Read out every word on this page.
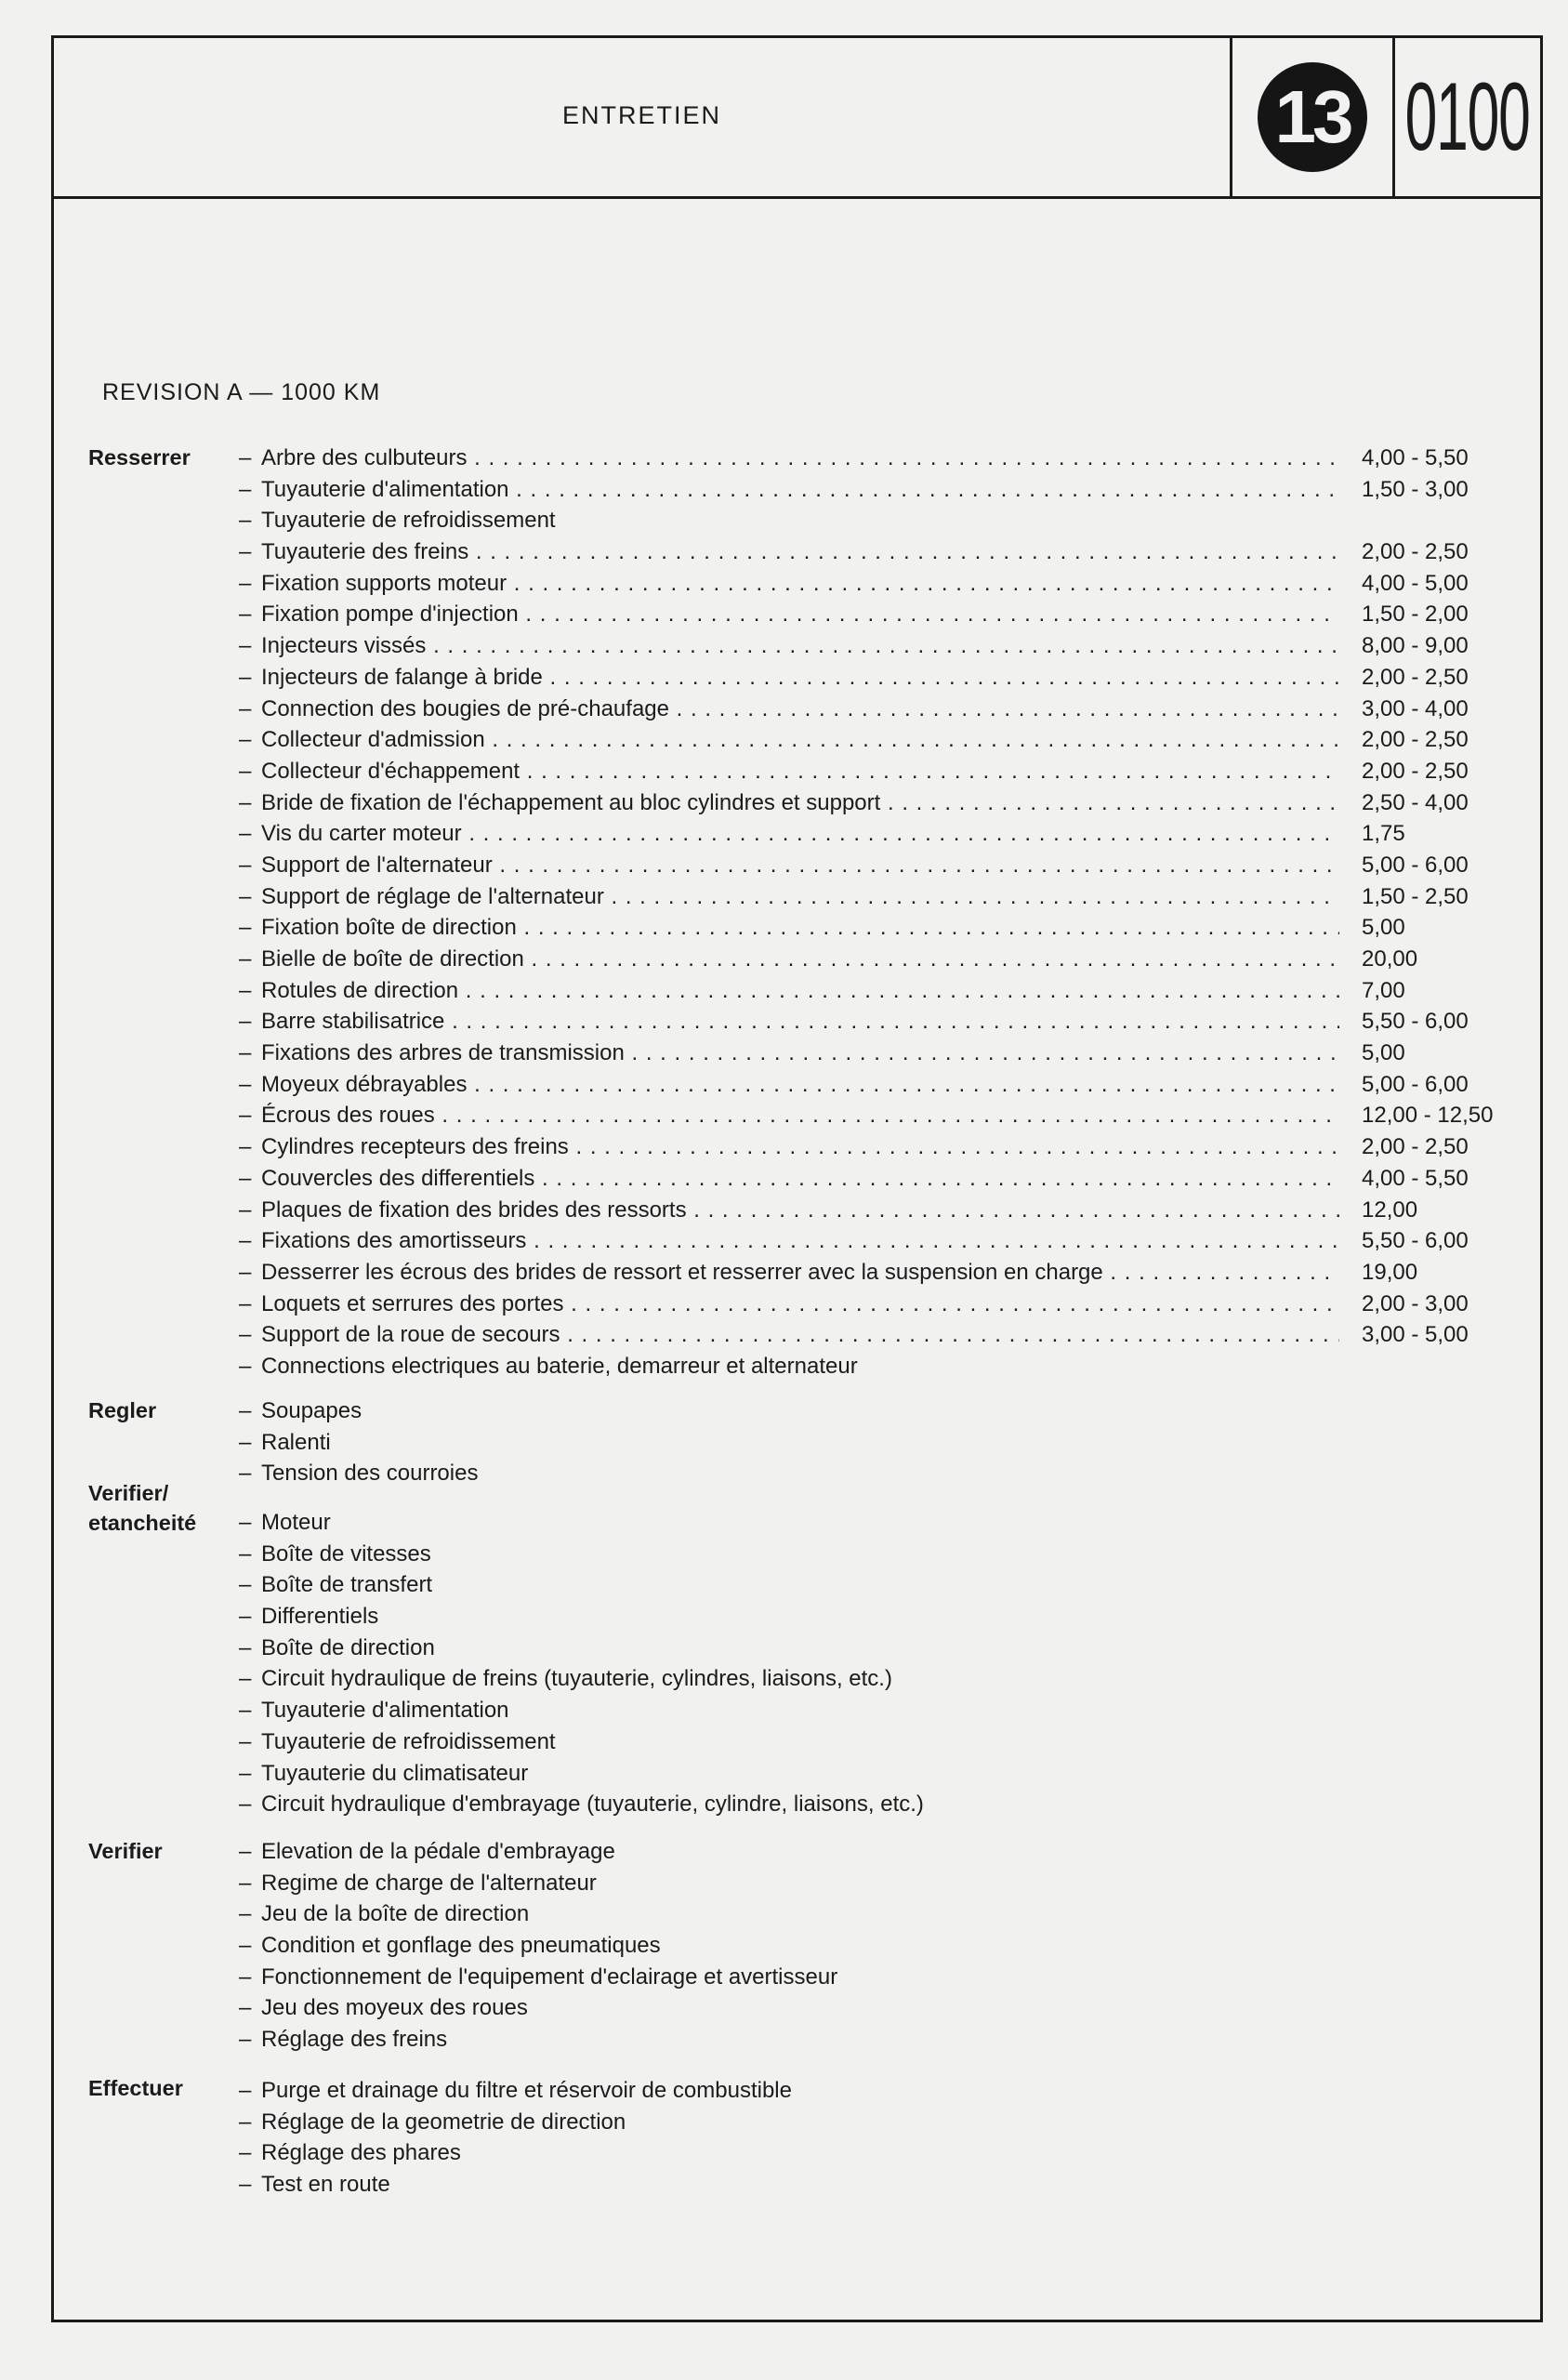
ENTRETIEN	13 0100
REVISION A — 1000 KM
Resserrer –Arbre des culbuteurs . . .	4,00 - 5,50
–Tuyauterie d'alimentation . . .	1,50 - 3,00
–Tuyauterie de refroidissement
–Tuyauterie des freins . . .	2,00 - 2,50
–Fixation supports moteur . . .	4,00 - 5,00
–Fixation pompe d'injection . . .	1,50 - 2,00
–Injecteurs vissés . . .	8,00 - 9,00
–Injecteurs de falange à bride . . .	2,00 - 2,50
–Connection des bougies de pré-chaufage . . .	3,00 - 4,00
–Collecteur d'admission . . .	2,00 - 2,50
–Collecteur d'échappement . . .	2,00 - 2,50
–Bride de fixation de l'échappement au bloc cylindres et support . . .	2,50 - 4,00
–Vis du carter moteur . . .	1,75
–Support de l'alternateur . . .	5,00 - 6,00
–Support de réglage de l'alternateur . . .	1,50 - 2,50
–Fixation boîte de direction . . .	5,00
–Bielle de boîte de direction . . .	20,00
–Rotules de direction . . .	7,00
–Barre stabilisatrice . . .	5,50 - 6,00
–Fixations des arbres de transmission . . .	5,00
–Moyeux débrayables . . .	5,00 - 6,00
–Écrous des roues . . .	12,00 - 12,50
–Cylindres recepteurs des freins . . .	2,00 - 2,50
–Couvercles des differentiels . . .	4,00 - 5,50
–Plaques de fixation des brides des ressorts . . .	12,00
–Fixations des amortisseurs . . .	5,50 - 6,00
–Desserrer les écrous des brides de ressort et resserrer avec la suspension en charge . . .	19,00
–Loquets et serrures des portes . . .	2,00 - 3,00
–Support de la roue de secours . . .	3,00 - 5,00
–Connections electriques au baterie, demarreur et alternateur
Regler	–Soupapes
–Ralenti
–Tension des courroies
Verifier/
etancheité –Moteur
–Boîte de vitesses
–Boîte de transfert
–Differentiels
–Boîte de direction
–Circuit hydraulique de freins (tuyauterie, cylindres, liaisons, etc.)
–Tuyauterie d'alimentation
–Tuyauterie de refroidissement
–Tuyauterie du climatisateur
–Circuit hydraulique d'embrayage (tuyauterie, cylindre, liaisons, etc.)
Verifier	–Elevation de la pédale d'embrayage
–Regime de charge de l'alternateur
–Jeu de la boîte de direction
–Condition et gonflage des pneumatiques
–Fonctionnement de l'equipement d'eclairage et avertisseur
–Jeu des moyeux des roues
–Réglage des freins
Effectuer	–Purge et drainage du filtre et réservoir de combustible
–Réglage de la geometrie de direction
–Réglage des phares
–Test en route
